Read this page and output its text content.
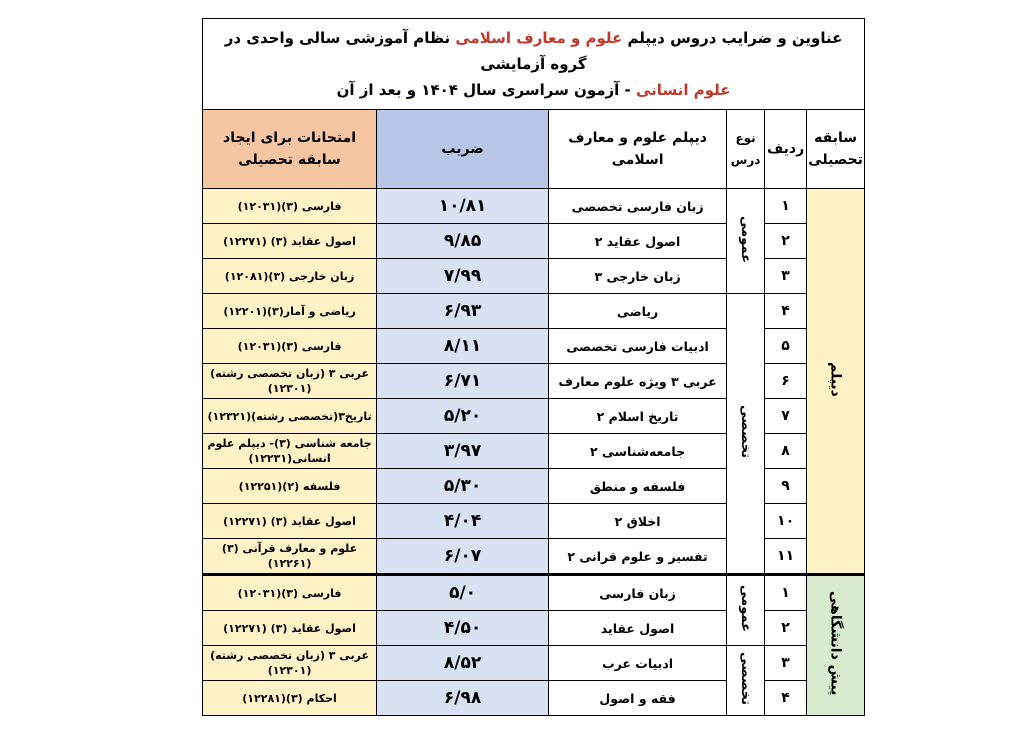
عناوین و ضرایب دروس دیپلم علوم و معارف اسلامی نظام آموزشی سالی واحدی در گروه آزمایشی
علوم انسانی - آزمون سراسری سال ۱۴۰۴ و بعد از آن					

سابقه تحصیلی	ردیف	نوع درس	دیپلم علوم و معارف اسلامی	ضریب	امتحانات برای ایجاد سابقه تحصیلی
دیپلم	۱	عمومی	زبان فارسی تخصصی	۱۰/۸۱	فارسی (۳)(۱۲۰۳۱)
	۲		اصول عقاید ۲	۹/۸۵	اصول عقاید (۳) (۱۲۲۷۱)
	۳		زبان خارجی ۳	۷/۹۹	زبان خارجی (۳)(۱۲۰۸۱)
	۴	تخصصی	ریاضی	۶/۹۳	ریاضی و آمار(۳)(۱۲۲۰۱)
	۵		ادبیات فارسی تخصصی	۸/۱۱	فارسی (۳)(۱۲۰۳۱)
	۶		عربی ۳ ویژه علوم معارف	۶/۷۱	عربی ۳ (زبان تخصصی رشته)(۱۲۳۰۱)
	۷		تاریخ اسلام ۲	۵/۲۰	تاریخ۳(تخصصی رشته)(۱۲۳۲۱)
	۸		جامعه‌شناسی ۲	۳/۹۷	جامعه شناسی (۳)- دیپلم علوم انسانی(۱۲۲۳۱)
	۹		فلسفه و منطق	۵/۳۰	فلسفه (۲)(۱۲۲۵۱)
	۱۰		اخلاق ۲	۴/۰۴	اصول عقاید (۳) (۱۲۲۷۱)
	۱۱		تفسیر و علوم قرانی ۲	۶/۰۷	علوم و معارف قرآنی (۳)(۱۲۲۶۱)
پیش دانشگاهی	۱	عمومی	زبان فارسی	۵/۰	فارسی (۳)(۱۲۰۳۱)
	۲		اصول عقاید	۴/۵۰	اصول عقاید (۳) (۱۲۲۷۱)
	۳	تخصصی	ادبیات عرب	۸/۵۲	عربی ۳ (زبان تخصصی رشته)(۱۲۳۰۱)
	۴		فقه و اصول	۶/۹۸	احکام (۳)(۱۲۲۸۱)
